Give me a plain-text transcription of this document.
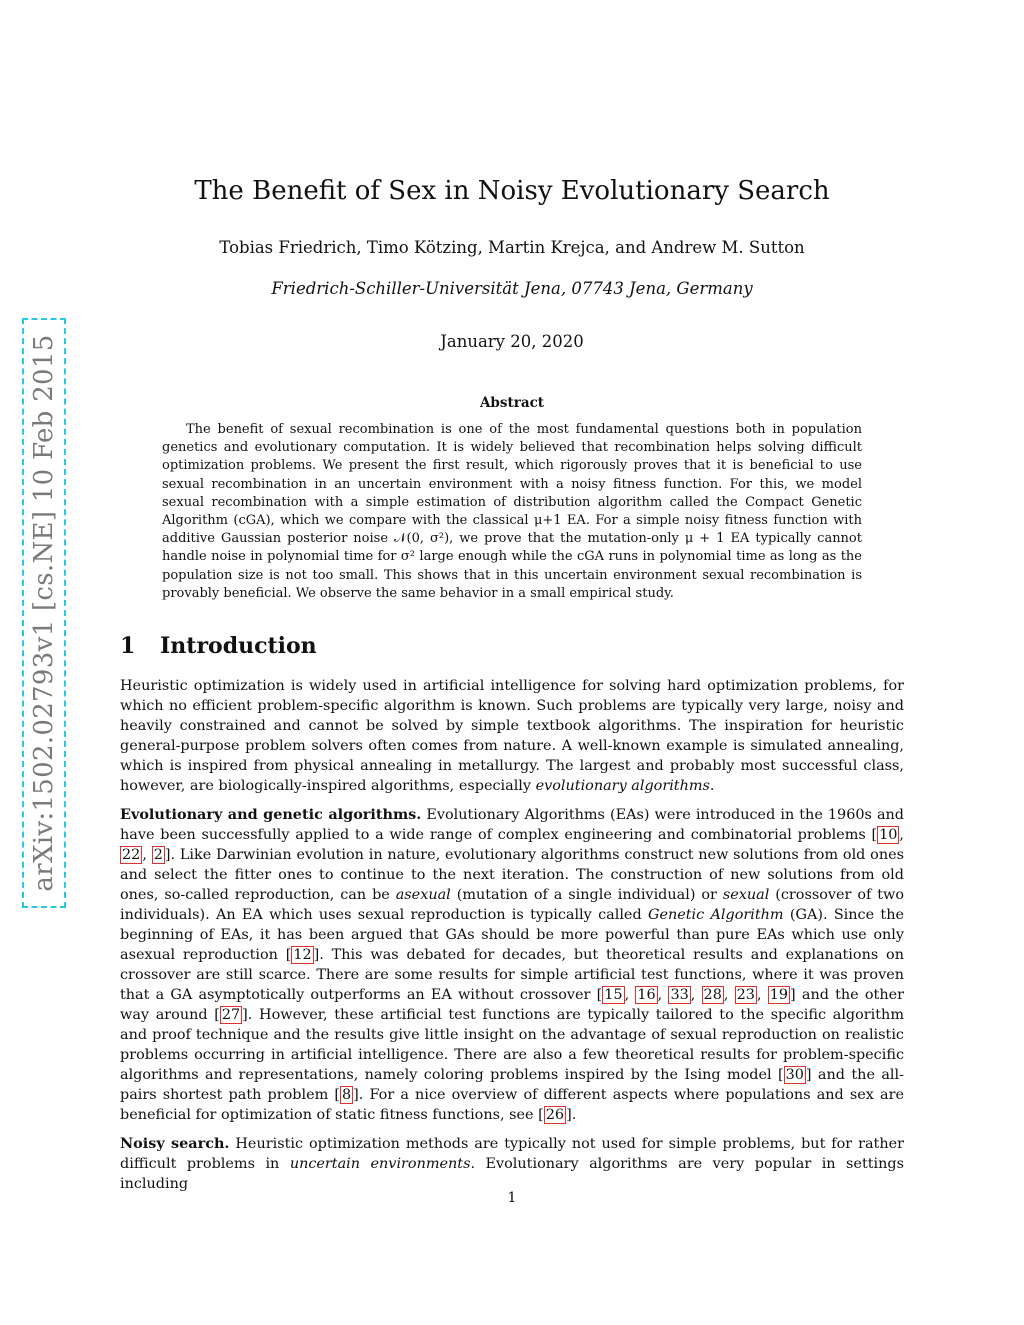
arXiv:1502.02793v1 [cs.NE] 10 Feb 2015
The Benefit of Sex in Noisy Evolutionary Search
Tobias Friedrich, Timo Kötzing, Martin Krejca, and Andrew M. Sutton
Friedrich-Schiller-Universität Jena, 07743 Jena, Germany
January 20, 2020
Abstract

The benefit of sexual recombination is one of the most fundamental questions both in population genetics and evolutionary computation. It is widely believed that recombination helps solving difficult optimization problems. We present the first result, which rigorously proves that it is beneficial to use sexual recombination in an uncertain environment with a noisy fitness function. For this, we model sexual recombination with a simple estimation of distribution algorithm called the Compact Genetic Algorithm (cGA), which we compare with the classical μ+1 EA. For a simple noisy fitness function with additive Gaussian posterior noise 𝒩(0, σ²), we prove that the mutation-only μ + 1 EA typically cannot handle noise in polynomial time for σ² large enough while the cGA runs in polynomial time as long as the population size is not too small. This shows that in this uncertain environment sexual recombination is provably beneficial. We observe the same behavior in a small empirical study.

1 Introduction

Heuristic optimization is widely used in artificial intelligence for solving hard optimization problems, for which no efficient problem-specific algorithm is known. Such problems are typically very large, noisy and heavily constrained and cannot be solved by simple textbook algorithms. The inspiration for heuristic general-purpose problem solvers often comes from nature. A well-known example is simulated annealing, which is inspired from physical annealing in metallurgy. The largest and probably most successful class, however, are biologically-inspired algorithms, especially evolutionary algorithms.

Evolutionary and genetic algorithms. Evolutionary Algorithms (EAs) were introduced in the 1960s and have been successfully applied to a wide range of complex engineering and combinatorial problems [ 10 , 22 , 2 ]. Like Darwinian evolution in nature, evolutionary algorithms construct new solutions from old ones and select the fitter ones to continue to the next iteration. The construction of new solutions from old ones, so-called reproduction, can be asexual (mutation of a single individual) or sexual (crossover of two individuals). An EA which uses sexual reproduction is typically called Genetic Algorithm (GA). Since the beginning of EAs, it has been argued that GAs should be more powerful than pure EAs which use only asexual reproduction [ 12 ]. This was debated for decades, but theoretical results and explanations on crossover are still scarce. There are some results for simple artificial test functions, where it was proven that a GA asymptotically outperforms an EA without crossover [ 15 , 16 , 33 , 28 , 23 , 19 ] and the other way around [ 27 ]. However, these artificial test functions are typically tailored to the specific algorithm and proof technique and the results give little insight on the advantage of sexual reproduction on realistic problems occurring in artificial intelligence. There are also a few theoretical results for problem-specific algorithms and representations, namely coloring problems inspired by the Ising model [ 30 ] and the all-pairs shortest path problem [ 8 ]. For a nice overview of different aspects where populations and sex are beneficial for optimization of static fitness functions, see [ 26 ].

Noisy search. Heuristic optimization methods are typically not used for simple problems, but for rather difficult problems in uncertain environments. Evolutionary algorithms are very popular in settings including

1
